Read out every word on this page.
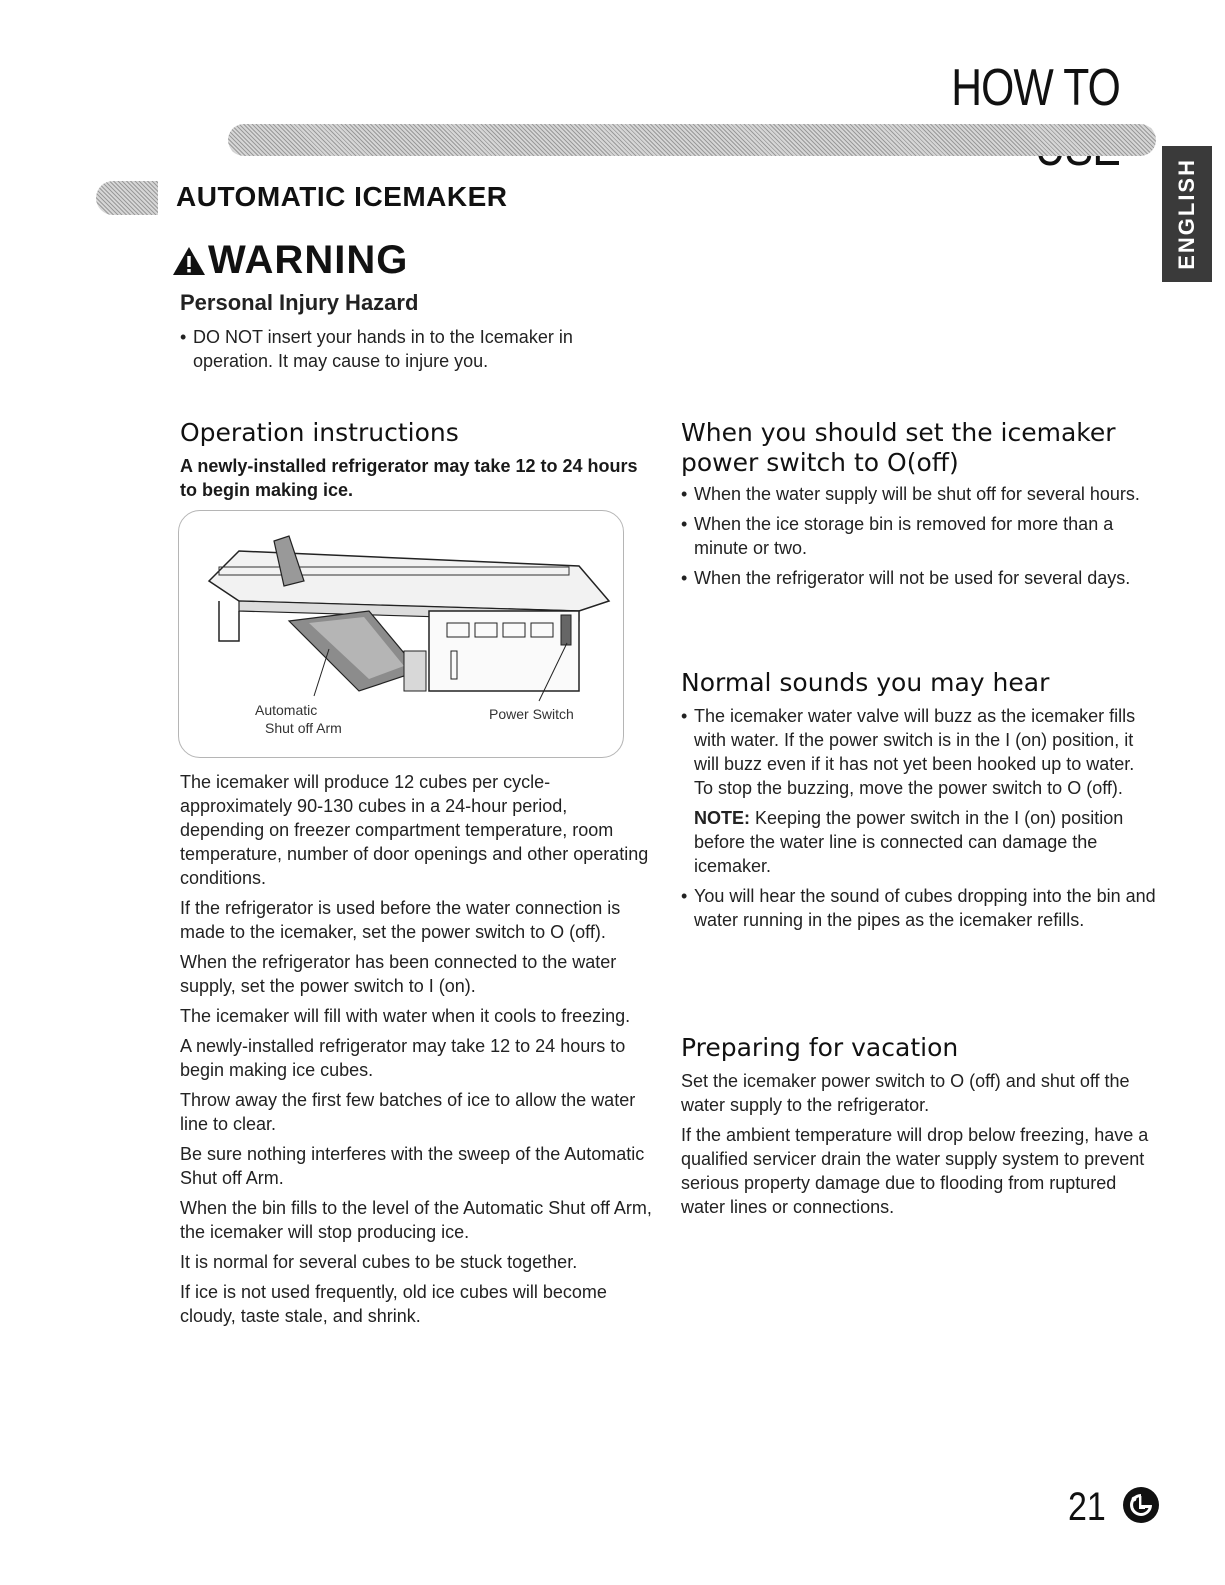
HOW TO
AUTOMATIC ICEMAKER	ENGLISH
WARNING
Personal Injury Hazard
• DO NOT insert your hands in to the Icemaker in operation. It may cause to injure you.
Operation instructions
A newly-installed refrigerator may take 12 to 24 hours to begin making ice.
Automatic Shut off Arm
Power Switch

The icemaker will produce 12 cubes per cycle-approximately 90-130 cubes in a 24-hour period, depending on freezer compartment temperature, room temperature, number of door openings and other operating conditions.

If the refrigerator is used before the water connection is made to the icemaker, set the power switch to O (off).

When the refrigerator has been connected to the water supply, set the power switch to I (on).

The icemaker will fill with water when it cools to freezing.

A newly-installed refrigerator may take 12 to 24 hours to begin making ice cubes.

Throw away the first few batches of ice to allow the water line to clear.

Be sure nothing interferes with the sweep of the Automatic Shut off Arm.

When the bin fills to the level of the Automatic Shut off Arm, the icemaker will stop producing ice.

It is normal for several cubes to be stuck together.

If ice is not used frequently, old ice cubes will become cloudy, taste stale, and shrink.

When you should set the icemaker power switch to O(off)
• When the water supply will be shut off for several hours.
• When the ice storage bin is removed for more than a minute or two.
• When the refrigerator will not be used for several days.
Normal sounds you may hear
• The icemaker water valve will buzz as the icemaker fills with water. If the power switch is in the I (on) position, it will buzz even if it has not yet been hooked up to water.
To stop the buzzing, move the power switch to O (off).
NOTE: Keeping the power switch in the I (on) position before the water line is connected can damage the icemaker.
• You will hear the sound of cubes dropping into the bin and water running in the pipes as the icemaker refills.
Preparing for vacation

Set the icemaker power switch to O (off) and shut off the water supply to the refrigerator.

If the ambient temperature will drop below freezing, have a qualified servicer drain the water supply system to prevent serious property damage due to flooding from ruptured water lines or connections.

21
